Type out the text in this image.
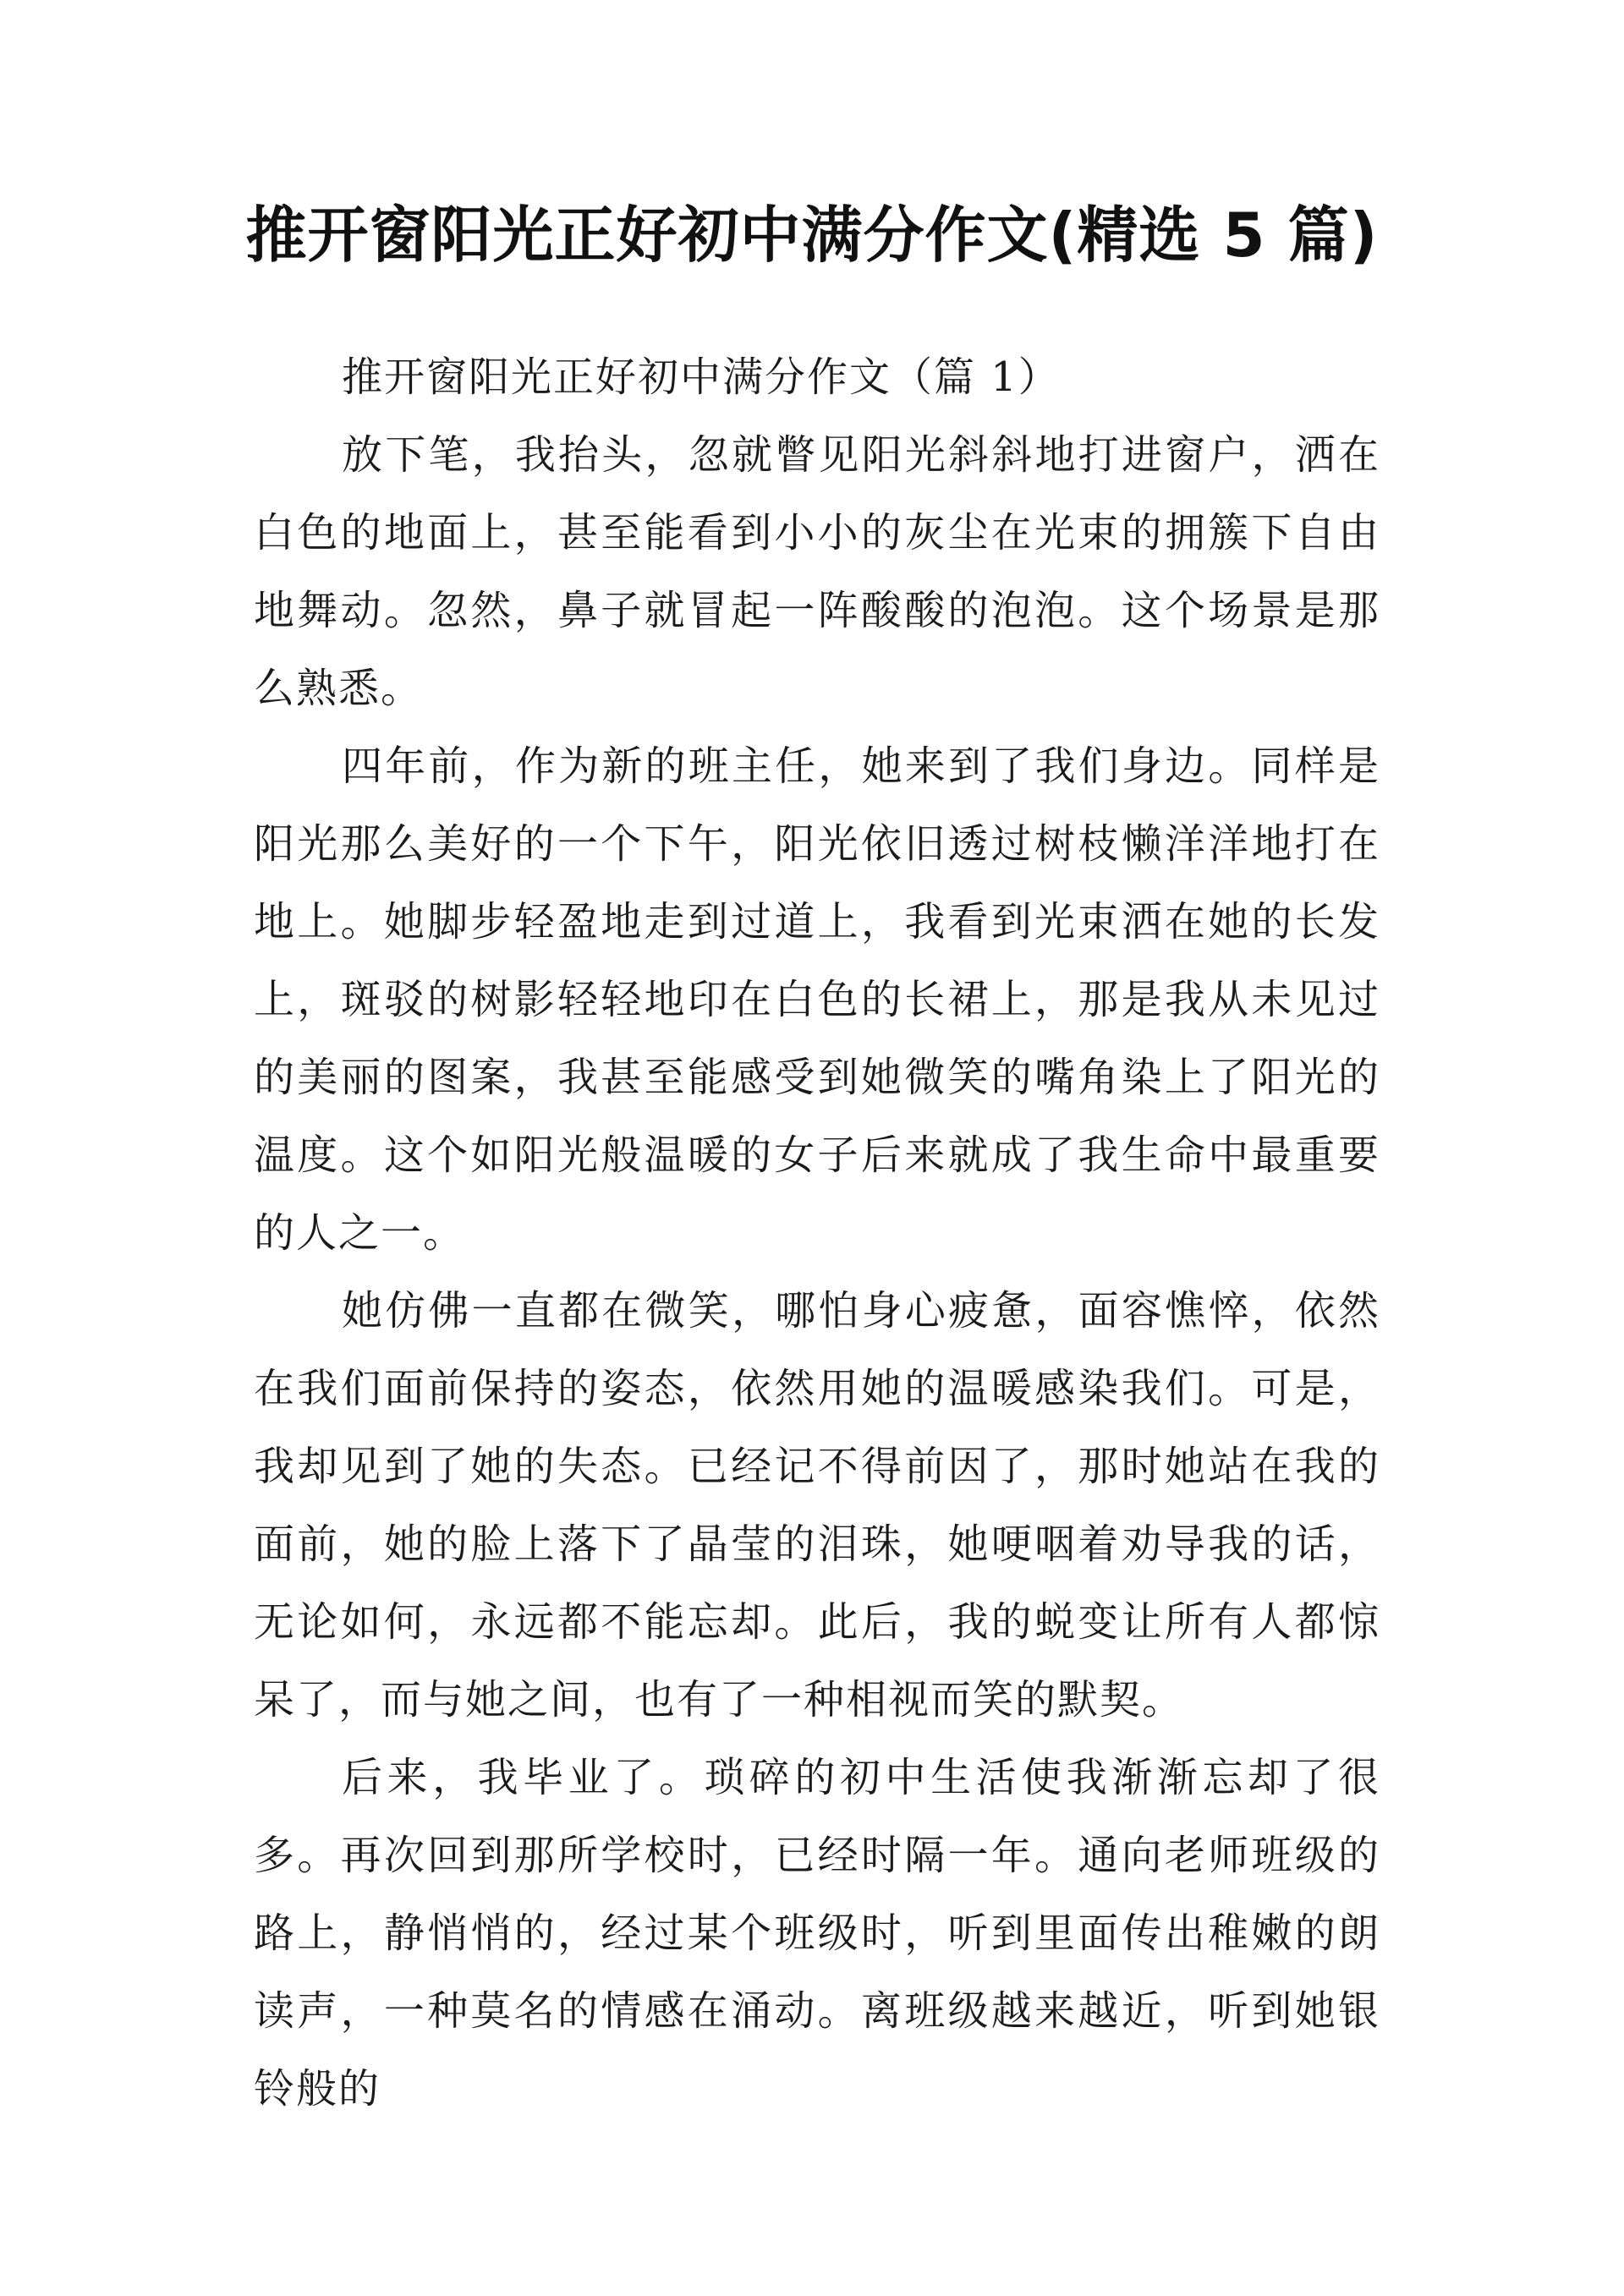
推开窗阳光正好初中满分作文(精选 5 篇)

推开窗阳光正好初中满分作文（篇 1）

放下笔，我抬头，忽就瞥见阳光斜斜地打进窗户，洒在白色的地面上，甚至能看到小小的灰尘在光束的拥簇下自由地舞动。忽然，鼻子就冒起一阵酸酸的泡泡。这个场景是那么熟悉。

四年前，作为新的班主任，她来到了我们身边。同样是阳光那么美好的一个下午，阳光依旧透过树枝懒洋洋地打在地上。她脚步轻盈地走到过道上，我看到光束洒在她的长发上，斑驳的树影轻轻地印在白色的长裙上，那是我从未见过的美丽的图案，我甚至能感受到她微笑的嘴角染上了阳光的温度。这个如阳光般温暖的女子后来就成了我生命中最重要的人之一。

她仿佛一直都在微笑，哪怕身心疲惫，面容憔悴，依然在我们面前保持的姿态，依然用她的温暖感染我们。可是，我却见到了她的失态。已经记不得前因了，那时她站在我的面前，她的脸上落下了晶莹的泪珠，她哽咽着劝导我的话，无论如何，永远都不能忘却。此后，我的蜕变让所有人都惊呆了，而与她之间，也有了一种相视而笑的默契。

后来，我毕业了。琐碎的初中生活使我渐渐忘却了很多。再次回到那所学校时，已经时隔一年。通向老师班级的路上，静悄悄的，经过某个班级时，听到里面传出稚嫩的朗读声，一种莫名的情感在涌动。离班级越来越近，听到她银铃般的
